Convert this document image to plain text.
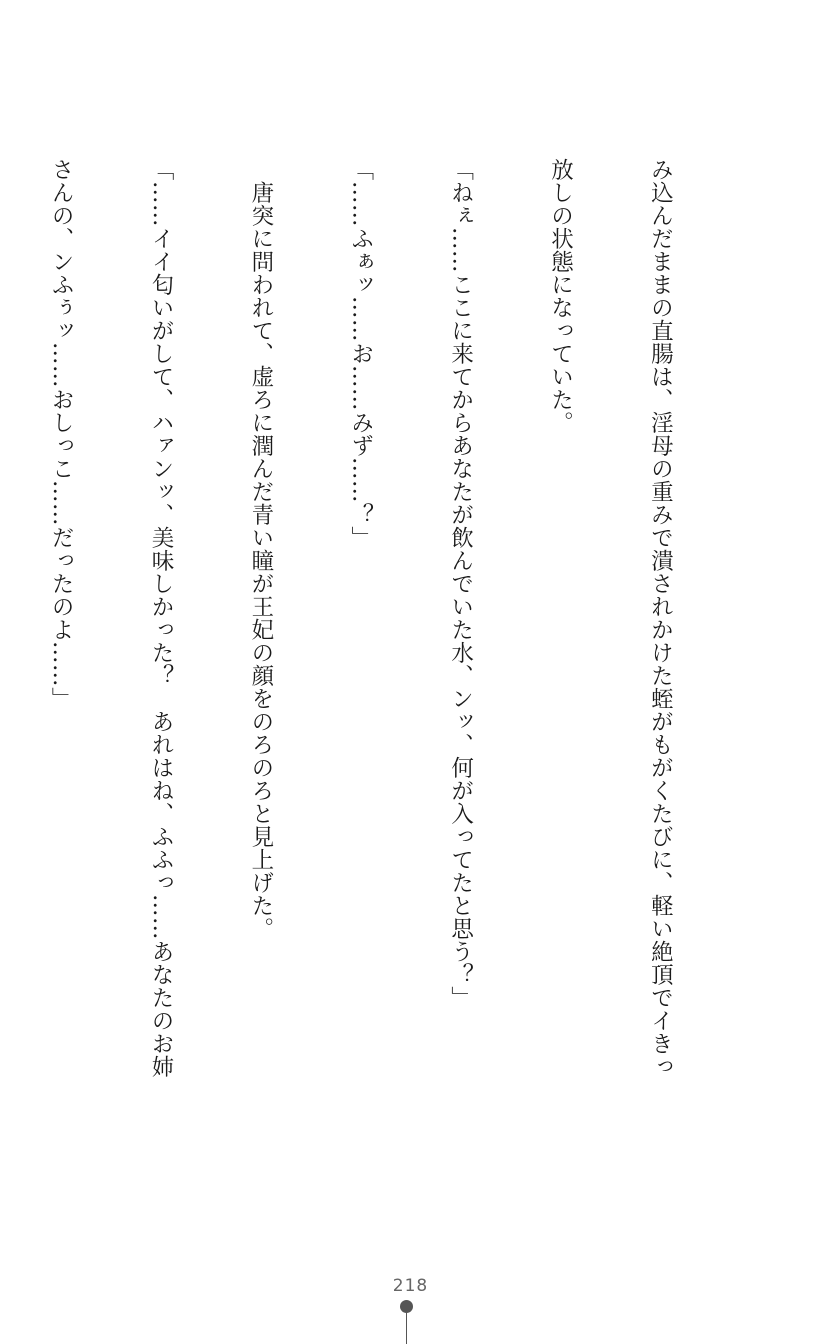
み込んだままの直腸は、淫母の重みで潰されかけた蛭がもがくたびに、軽い絶頂でイきっ

放しの状態になっていた。

「ねぇ……ここに来てからあなたが飲んでいた水、ンッ、何が入ってたと思う？」

「……ふぁッ……お……みず……？」

　唐突に問われて、虚ろに潤んだ青い瞳が王妃の顔をのろのろと見上げた。

「……イイ匂いがして、ハァンッ、美味しかった？　あれはね、ふふっ……あなたのお姉

さんの、ンふぅッ……おしっこ……だったのよ……」

218
